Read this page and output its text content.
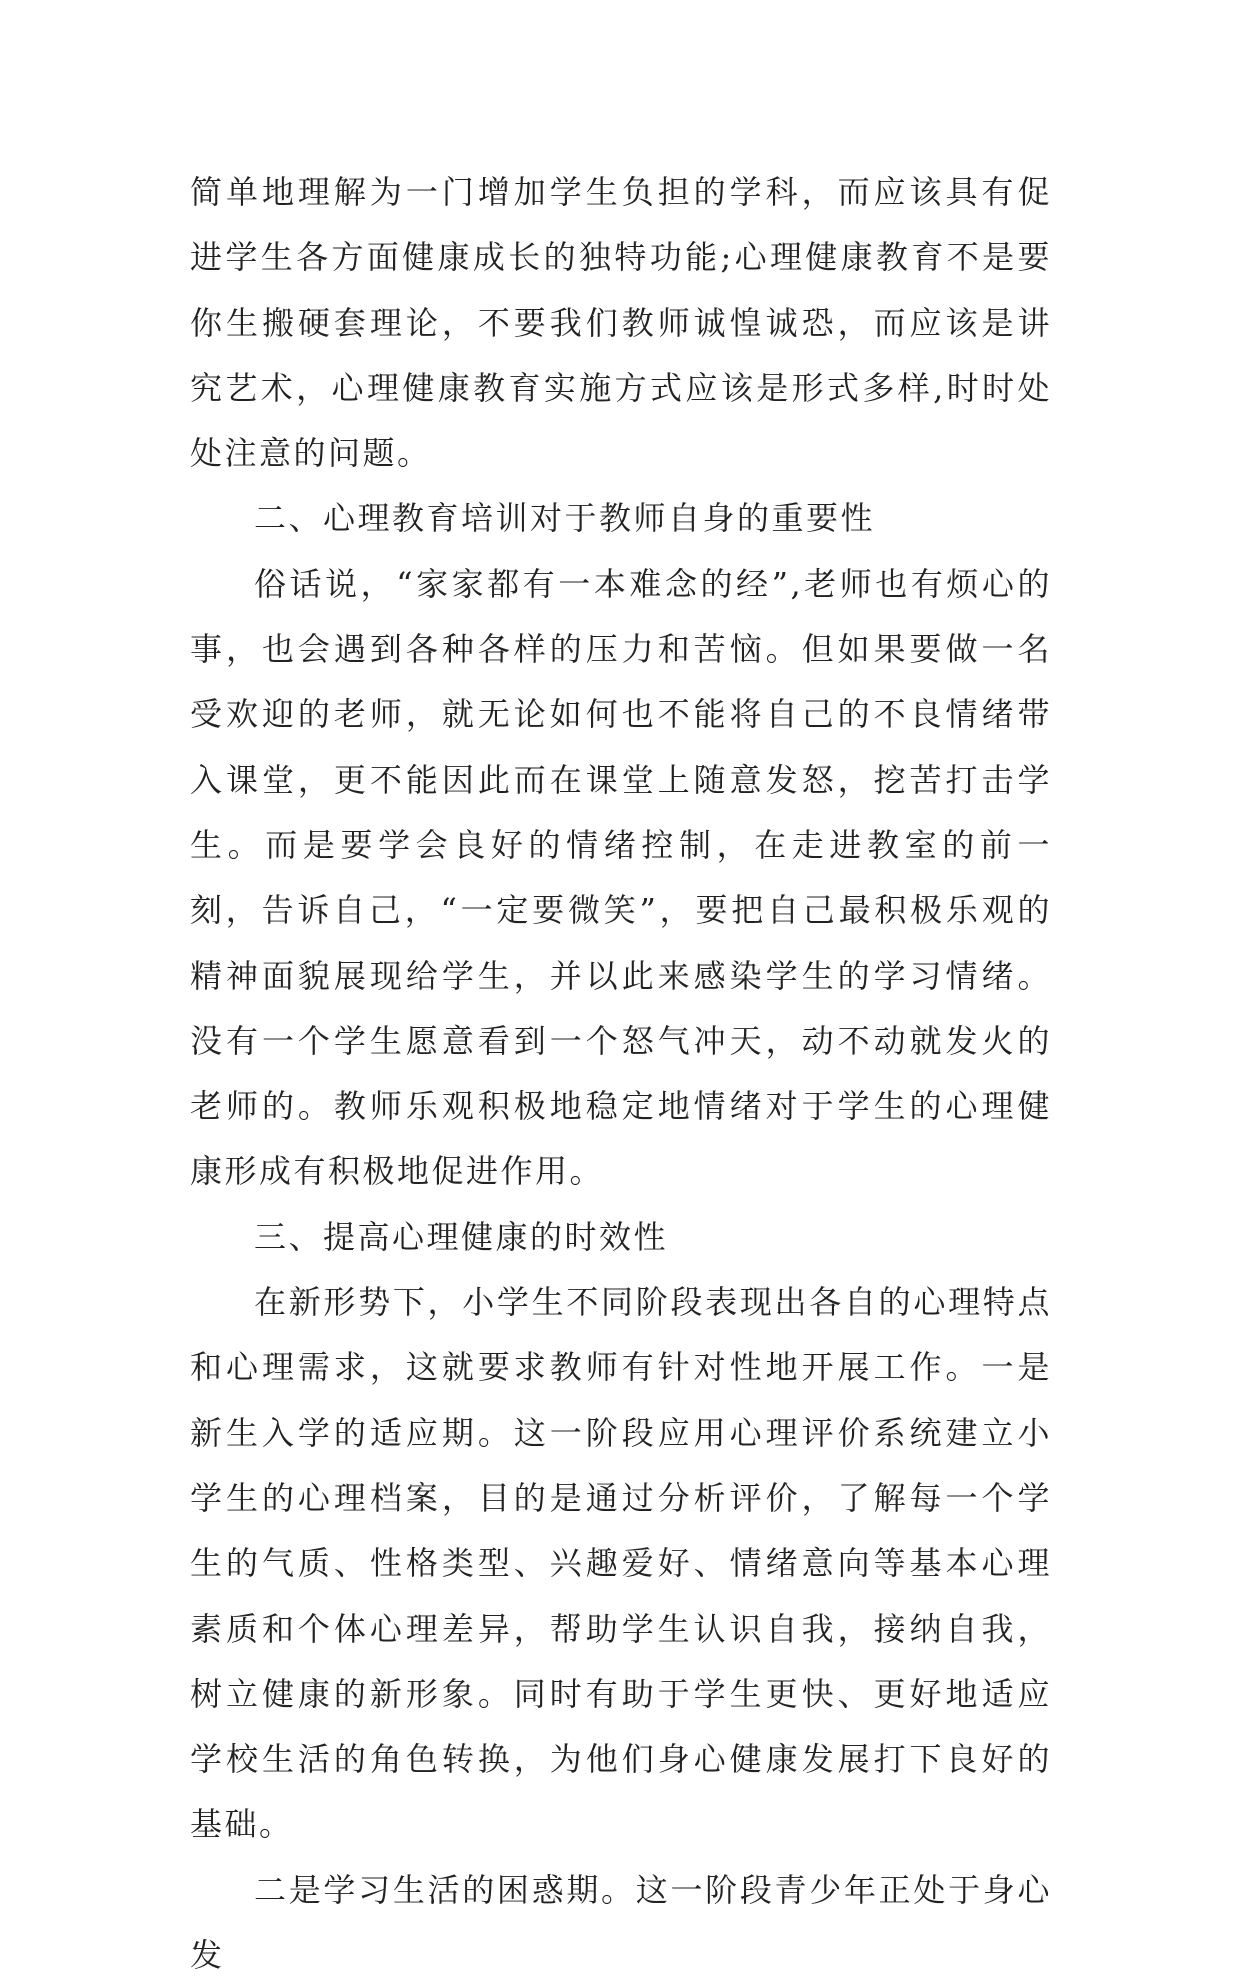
简单地理解为一门增加学生负担的学科，而应该具有促进学生各方面健康成长的独特功能;心理健康教育不是要你生搬硬套理论，不要我们教师诚惶诚恐，而应该是讲究艺术，心理健康教育实施方式应该是形式多样,时时处处注意的问题。

二、心理教育培训对于教师自身的重要性

俗话说，“家家都有一本难念的经”,老师也有烦心的事，也会遇到各种各样的压力和苦恼。但如果要做一名受欢迎的老师，就无论如何也不能将自己的不良情绪带入课堂，更不能因此而在课堂上随意发怒，挖苦打击学生。而是要学会良好的情绪控制，在走进教室的前一刻，告诉自己，“一定要微笑”，要把自己最积极乐观的精神面貌展现给学生，并以此来感染学生的学习情绪。没有一个学生愿意看到一个怒气冲天，动不动就发火的老师的。教师乐观积极地稳定地情绪对于学生的心理健康形成有积极地促进作用。

三、提高心理健康的时效性

在新形势下，小学生不同阶段表现出各自的心理特点和心理需求，这就要求教师有针对性地开展工作。一是新生入学的适应期。这一阶段应用心理评价系统建立小学生的心理档案，目的是通过分析评价，了解每一个学生的气质、性格类型、兴趣爱好、情绪意向等基本心理素质和个体心理差异，帮助学生认识自我，接纳自我，树立健康的新形象。同时有助于学生更快、更好地适应学校生活的角色转换，为他们身心健康发展打下良好的基础。

二是学习生活的困惑期。这一阶段青少年正处于身心发
